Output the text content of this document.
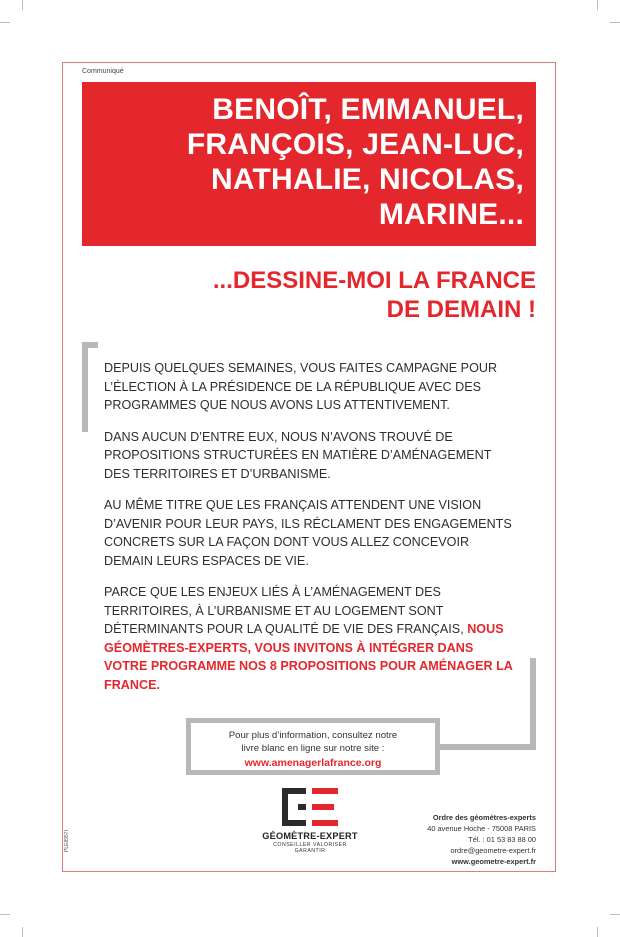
Communiqué
BENOÎT, EMMANUEL,
FRANÇOIS, JEAN-LUC,
NATHALIE, NICOLAS,
MARINE...
...DESSINE-MOI LA FRANCE
DE DEMAIN !

DEPUIS QUELQUES SEMAINES, VOUS FAITES CAMPAGNE POUR L’ÉLECTION À LA PRÉSIDENCE DE LA RÉPUBLIQUE AVEC DES PROGRAMMES QUE NOUS AVONS LUS ATTENTIVEMENT.

DANS AUCUN D’ENTRE EUX, NOUS N’AVONS TROUVÉ DE PROPOSITIONS STRUCTURÉES EN MATIÈRE D’AMÉNAGEMENT DES TERRITOIRES ET D’URBANISME.

AU MÊME TITRE QUE LES FRANÇAIS ATTENDENT UNE VISION D’AVENIR POUR LEUR PAYS, ILS RÉCLAMENT DES ENGAGEMENTS CONCRETS SUR LA FAÇON DONT VOUS ALLEZ CONCEVOIR DEMAIN LEURS ESPACES DE VIE.

PARCE QUE LES ENJEUX LIÉS À L’AMÉNAGEMENT DES TERRITOIRES, À L’URBANISME ET AU LOGEMENT SONT DÉTERMINANTS POUR LA QUALITÉ DE VIE DES FRANÇAIS, NOUS GÉOMÈTRES-EXPERTS, VOUS INVITONS À INTÉGRER DANS VOTRE PROGRAMME NOS 8 PROPOSITIONS POUR AMÉNAGER LA FRANCE.

Pour plus d’information, consultez notre
livre blanc en ligne sur notre site :
www.amenagerlafrance.org
GÉOMÈTRE-EXPERT
CONSEILLER VALORISER GARANTIR
Ordre des géomètres-experts
40 avenue Hoche - 75008 PARIS
Tél. : 01 53 83 88 00
ordre@geometre-expert.fr
www.geometre-expert.fr
PLE8957t
